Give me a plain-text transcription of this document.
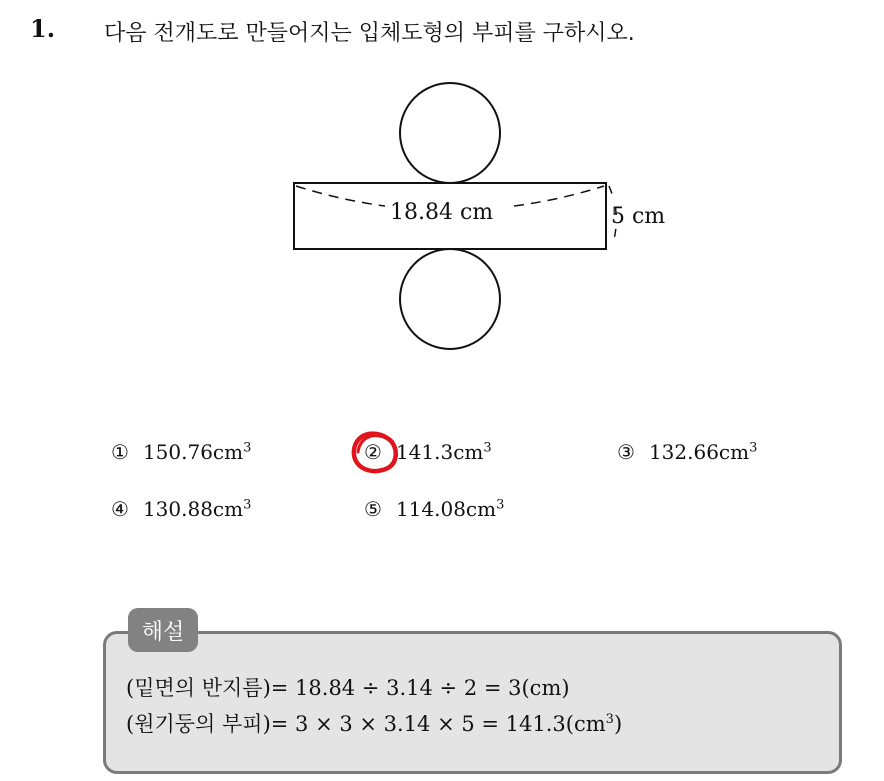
1. 다음 전개도로 만들어지는 입체도형의 부피를 구하시오.
18.84 cm	5 cm
① $150.76cm^3$	② $141.3cm^3$	③ $132.66cm^3$
④ $130.88cm^3$	⑤ $114.08cm^3$
해설
(밑면의 반지름)= 18.84 ÷ 3.14 ÷ 2 = 3(cm)
(원기둥의 부피)= $3 \times 3 \times 3.14 \times 5 = 141.3(cm^3)$
